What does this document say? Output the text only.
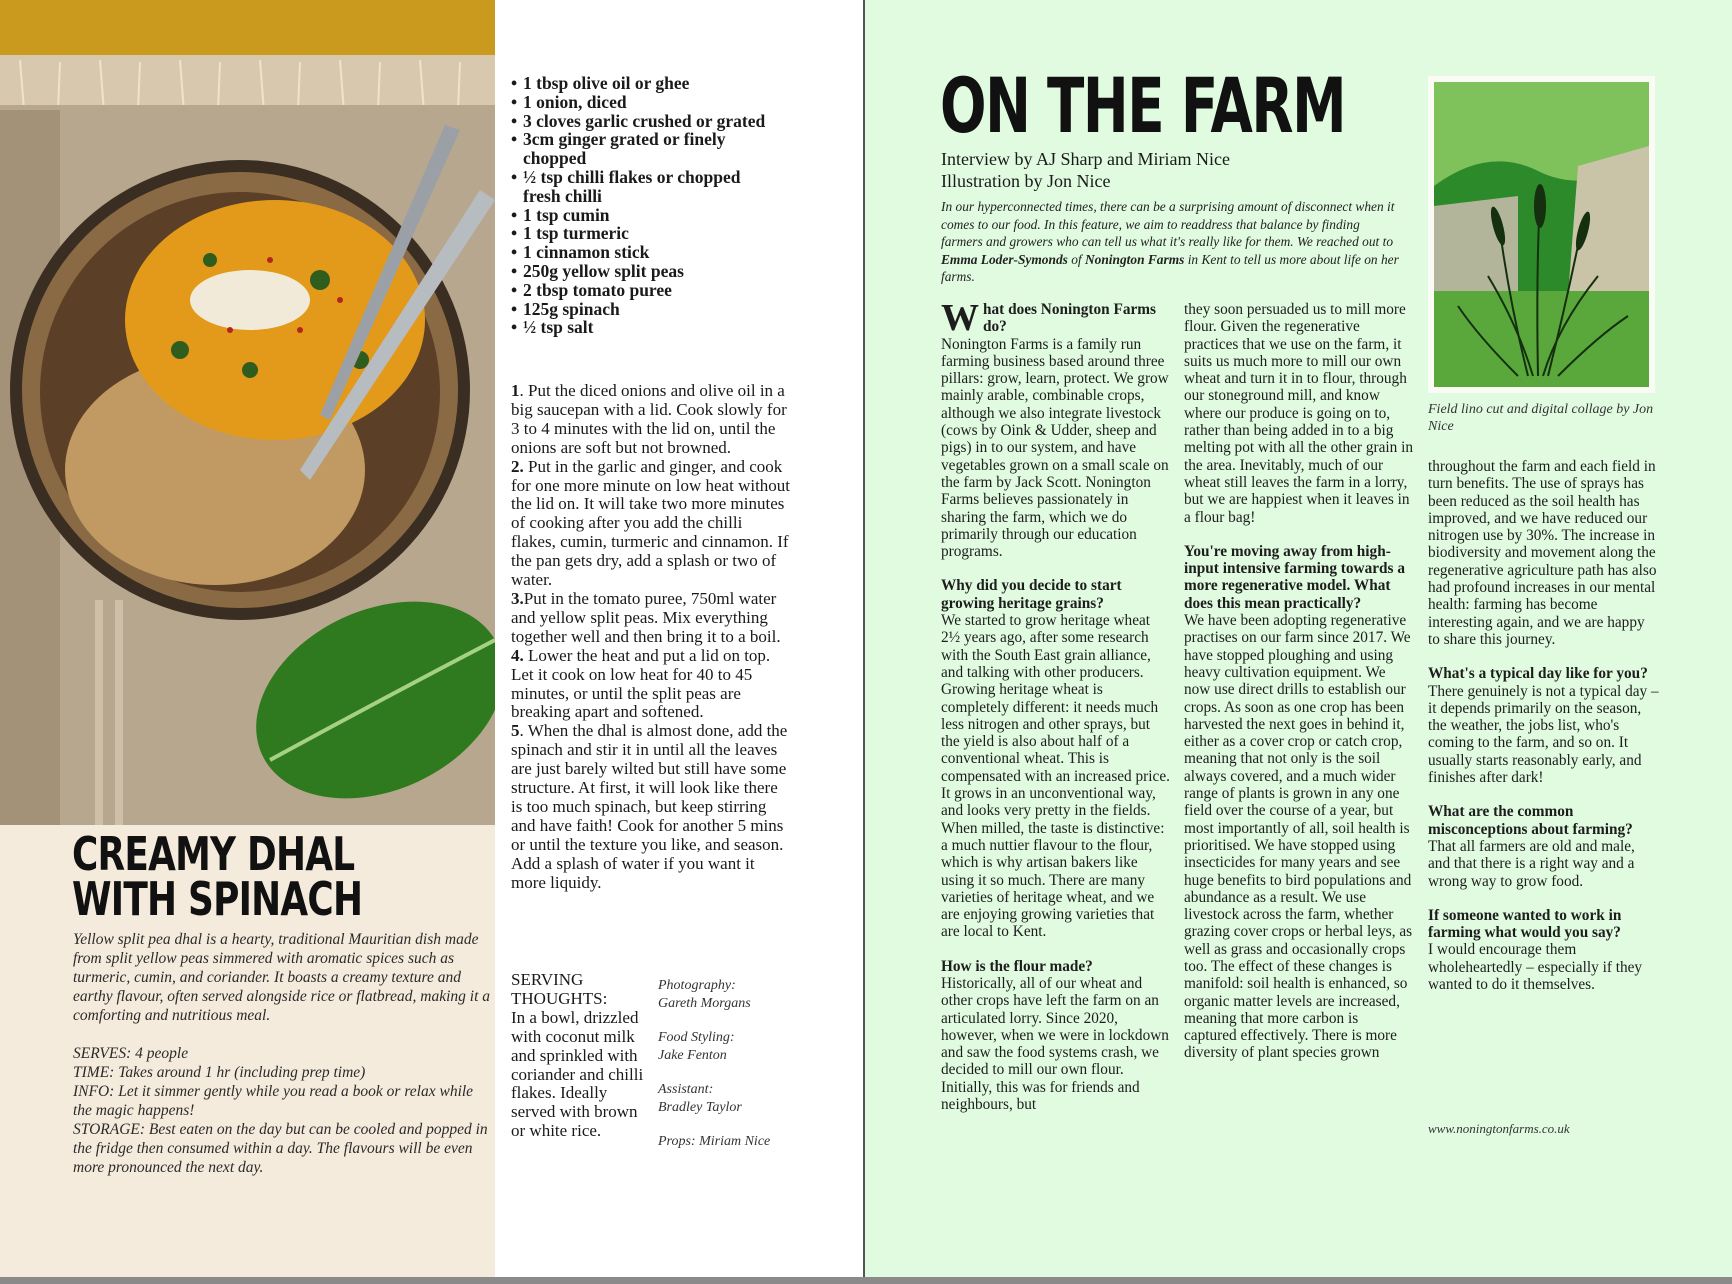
CREAMY DHAL
WITH SPINACH

Yellow split pea dhal is a hearty, traditional Mauritian dish made from split yellow peas simmered with aromatic spices such as turmeric, cumin, and coriander. It boasts a creamy texture and earthy flavour, often served alongside rice or flatbread, making it a comforting and nutritious meal.

SERVES: 4 people
TIME: Takes around 1 hr (including prep time)
INFO: Let it simmer gently while you read a book or relax while the magic happens!
STORAGE: Best eaten on the day but can be cooled and popped in the fridge then consumed within a day. The flavours will be even more pronounced the next day.
• 1 tbsp olive oil or ghee
• 1 onion, diced
• 3 cloves garlic crushed or grated
• 3cm ginger grated or finely chopped
• ½ tsp chilli flakes or chopped fresh chilli
• 1 tsp cumin
• 1 tsp turmeric
• 1 cinnamon stick
• 250g yellow split peas
• 2 tbsp tomato puree
• 125g spinach
• ½ tsp salt

1. Put the diced onions and olive oil in a big saucepan with a lid. Cook slowly for 3 to 4 minutes with the lid on, until the onions are soft but not browned.

2. Put in the garlic and ginger, and cook for one more minute on low heat without the lid on. It will take two more minutes of cooking after you add the chilli flakes, cumin, turmeric and cinnamon. If the pan gets dry, add a splash or two of water.

3.Put in the tomato puree, 750ml water and yellow split peas. Mix everything together well and then bring it to a boil.

4. Lower the heat and put a lid on top. Let it cook on low heat for 40 to 45 minutes, or until the split peas are breaking apart and softened.

5. When the dhal is almost done, add the spinach and stir it in until all the leaves are just barely wilted but still have some structure. At first, it will look like there is too much spinach, but keep stirring and have faith! Cook for another 5 mins or until the texture you like, and season. Add a splash of water if you want it more liquidy.

SERVING THOUGHTS:
In a bowl, drizzled with coconut milk and sprinkled with coriander and chilli flakes. Ideally served with brown or white rice.
Photography:
Gareth Morgans
Food Styling:
Jake Fenton
Assistant:
Bradley Taylor
Props: Miriam Nice
ON THE FARM
Interview by AJ Sharp and Miriam Nice
Illustration by Jon Nice

In our hyperconnected times, there can be a surprising amount of disconnect when it comes to our food. In this feature, we aim to readdress that balance by finding farmers and growers who can tell us what it's really like for them. We reached out to Emma Loder-Symonds of Nonington Farms in Kent to tell us more about life on her farms.

What does Nonington Farms do?

Nonington Farms is a family run farming business based around three pillars: grow, learn, protect. We grow mainly arable, combinable crops, although we also integrate livestock (cows by Oink & Udder, sheep and pigs) in to our system, and have vegetables grown on a small scale on the farm by Jack Scott. Nonington Farms believes passionately in sharing the farm, which we do primarily through our education programs.

Why did you decide to start growing heritage grains?

We started to grow heritage wheat 2½ years ago, after some research with the South East grain alliance, and talking with other producers. Growing heritage wheat is completely different: it needs much less nitrogen and other sprays, but the yield is also about half of a conventional wheat. This is compensated with an increased price. It grows in an unconventional way, and looks very pretty in the fields. When milled, the taste is distinctive: a much nuttier flavour to the flour, which is why artisan bakers like using it so much. There are many varieties of heritage wheat, and we are enjoying growing varieties that are local to Kent.

How is the flour made?

Historically, all of our wheat and other crops have left the farm on an articulated lorry. Since 2020, however, when we were in lockdown and saw the food systems crash, we decided to mill our own flour. Initially, this was for friends and neighbours, but

they soon persuaded us to mill more flour. Given the regenerative practices that we use on the farm, it suits us much more to mill our own wheat and turn it in to flour, through our stoneground mill, and know where our produce is going on to, rather than being added in to a big melting pot with all the other grain in the area. Inevitably, much of our wheat still leaves the farm in a lorry, but we are happiest when it leaves in a flour bag!

You're moving away from high-input intensive farming towards a more regenerative model. What does this mean practically?

We have been adopting regenerative practises on our farm since 2017. We have stopped ploughing and using heavy cultivation equipment. We now use direct drills to establish our crops. As soon as one crop has been harvested the next goes in behind it, either as a cover crop or catch crop, meaning that not only is the soil always covered, and a much wider range of plants is grown in any one field over the course of a year, but most importantly of all, soil health is prioritised. We have stopped using insecticides for many years and see huge benefits to bird populations and abundance as a result. We use livestock across the farm, whether grazing cover crops or herbal leys, as well as grass and occasionally crops too. The effect of these changes is manifold: soil health is enhanced, so organic matter levels are increased, meaning that more carbon is captured effectively. There is more diversity of plant species grown

Field lino cut and digital collage by Jon Nice

throughout the farm and each field in turn benefits. The use of sprays has been reduced as the soil health has improved, and we have reduced our nitrogen use by 30%. The increase in biodiversity and movement along the regenerative agriculture path has also had profound increases in our mental health: farming has become interesting again, and we are happy to share this journey.

What's a typical day like for you?

There genuinely is not a typical day – it depends primarily on the season, the weather, the jobs list, who's coming to the farm, and so on. It usually starts reasonably early, and finishes after dark!

What are the common misconceptions about farming?

That all farmers are old and male, and that there is a right way and a wrong way to grow food.

If someone wanted to work in farming what would you say?

I would encourage them wholeheartedly – especially if they wanted to do it themselves.

www.noningtonfarms.co.uk
